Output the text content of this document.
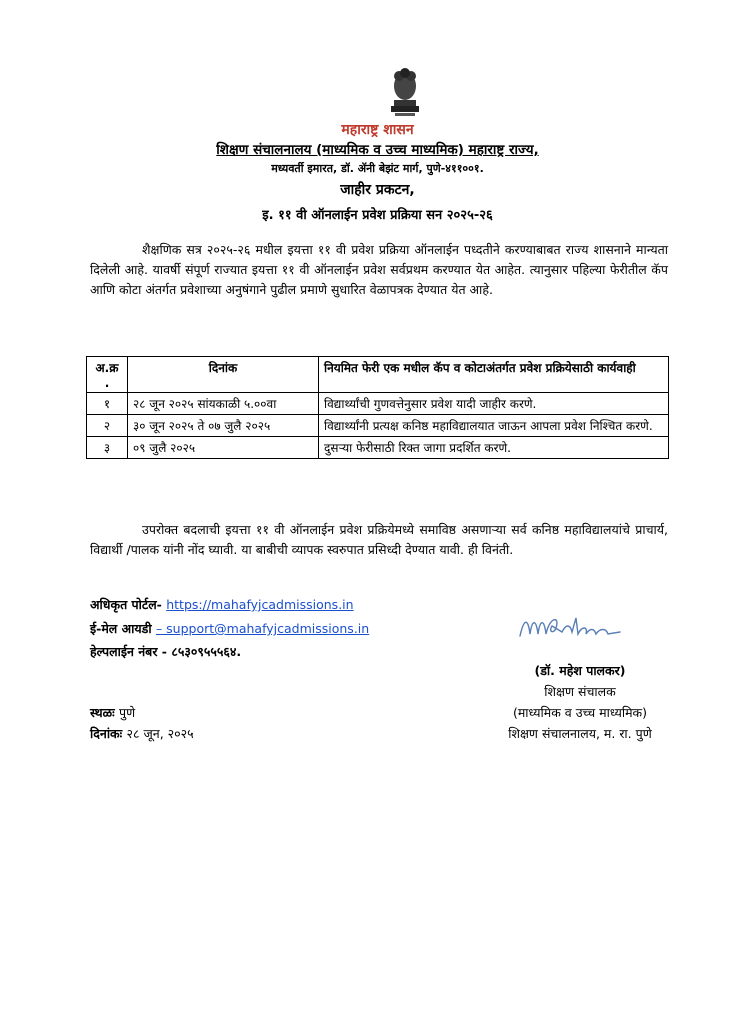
महाराष्ट्र शासन
शिक्षण संचालनालय (माध्यमिक व उच्च माध्यमिक) महाराष्ट्र राज्य,
मध्यवर्ती इमारत, डॉ. ॲनी बेझंट मार्ग, पुणे-४११००१.
जाहीर प्रकटन,
इ. ११ वी ऑनलाईन प्रवेश प्रक्रिया सन २०२५-२६
शैक्षणिक सत्र २०२५-२६ मधील इयत्ता ११ वी प्रवेश प्रक्रिया ऑनलाईन पध्दतीने करण्याबाबत राज्य शासनाने मान्यता दिलेली आहे. यावर्षी संपूर्ण राज्यात इयत्ता ११ वी ऑनलाईन प्रवेश सर्वप्रथम करण्यात येत आहेत. त्यानुसार पहिल्या फेरीतील कॅप आणि कोटा अंतर्गत प्रवेशाच्या अनुषंगाने पुढील प्रमाणे सुधारित वेळापत्रक देण्यात येत आहे.
अ.क्र .	दिनांक	नियमित फेरी एक मधील कॅप व कोटाअंतर्गत प्रवेश प्रक्रियेसाठी कार्यवाही
१	२८ जून २०२५ सांयकाळी ५.००वा	विद्यार्थ्यांची गुणवत्तेनुसार प्रवेश यादी जाहीर करणे.
२	३० जून २०२५ ते ०७ जुलै २०२५	विद्यार्थ्यांनी प्रत्यक्ष कनिष्ठ महाविद्यालयात जाऊन आपला प्रवेश निश्चित करणे.
३	०९ जुलै २०२५	दुसऱ्या फेरीसाठी रिक्त जागा प्रदर्शित करणे.
उपरोक्त बदलाची इयत्ता ११ वी ऑनलाईन प्रवेश प्रक्रियेमध्ये समाविष्ठ असणाऱ्या सर्व कनिष्ठ महाविद्यालयांचे प्राचार्य, विद्यार्थी /पालक यांनी नोंद घ्यावी. या बाबीची व्यापक स्वरुपात प्रसिध्दी देण्यात यावी. ही विनंती.
अधिकृत पोर्टल- https://mahafyjcadmissions.in
ई-मेल आयडी – support@mahafyjcadmissions.in
हेल्पलाईन नंबर - ८५३०९५५५६४.
(डॉ. महेश पालकर)
शिक्षण संचालक
(माध्यमिक व उच्च माध्यमिक)
शिक्षण संचालनालय, म. रा. पुणे
स्थळः पुणे
दिनांकः २८ जून, २०२५
